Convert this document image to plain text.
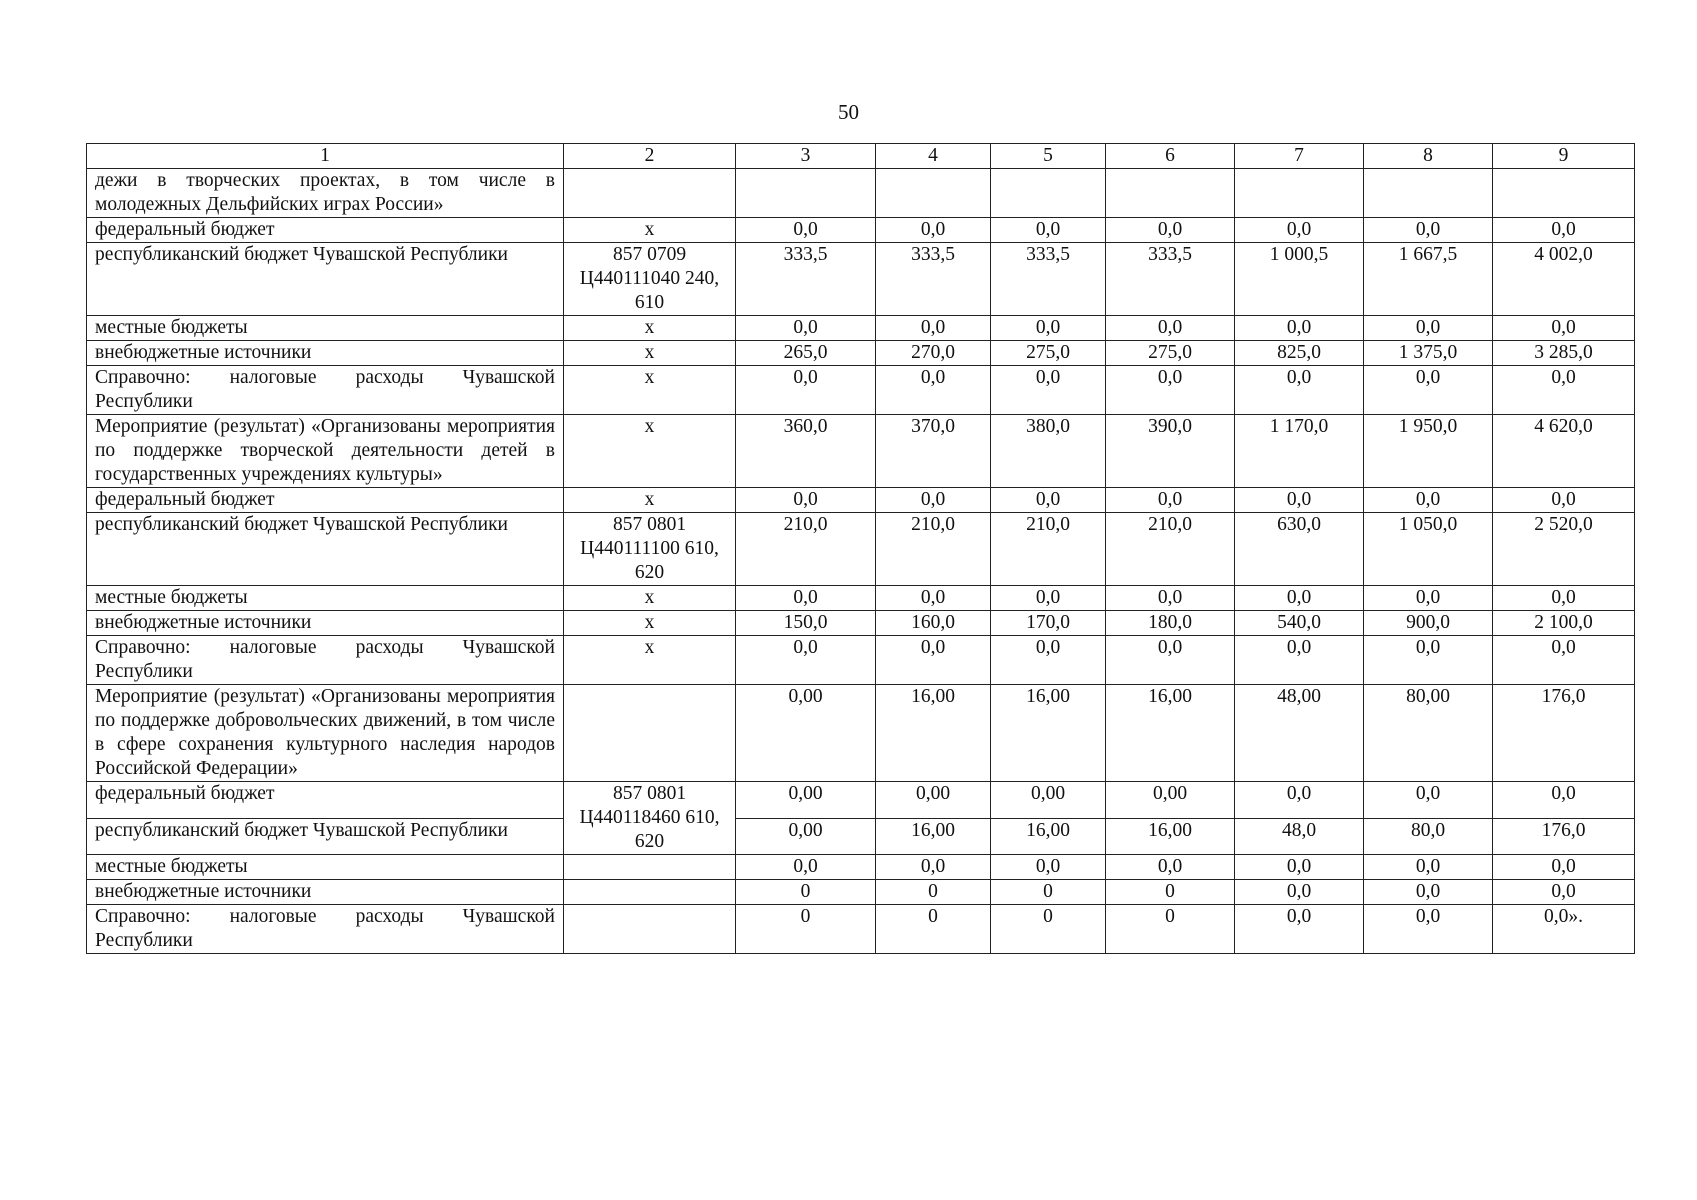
50
1	2	3	4	5	6	7	8	9
дежи в творческих проектах, в том числе в молодежных Дельфийских играх России»								
федеральный бюджет	х	0,0	0,0	0,0	0,0	0,0	0,0	0,0
республиканский бюджет Чувашской Республики	857 0709 Ц440111040 240, 610	333,5	333,5	333,5	333,5	1 000,5	1 667,5	4 002,0
местные бюджеты	х	0,0	0,0	0,0	0,0	0,0	0,0	0,0
внебюджетные источники	х	265,0	270,0	275,0	275,0	825,0	1 375,0	3 285,0
Справочно: налоговые расходы Чувашской Республики	х	0,0	0,0	0,0	0,0	0,0	0,0	0,0
Мероприятие (результат) «Организованы мероприятия по поддержке творческой деятельности детей в государственных учреждениях культуры»	х	360,0	370,0	380,0	390,0	1 170,0	1 950,0	4 620,0
федеральный бюджет	х	0,0	0,0	0,0	0,0	0,0	0,0	0,0
республиканский бюджет Чувашской Республики	857 0801 Ц440111100 610, 620	210,0	210,0	210,0	210,0	630,0	1 050,0	2 520,0
местные бюджеты	х	0,0	0,0	0,0	0,0	0,0	0,0	0,0
внебюджетные источники	х	150,0	160,0	170,0	180,0	540,0	900,0	2 100,0
Справочно: налоговые расходы Чувашской Республики	х	0,0	0,0	0,0	0,0	0,0	0,0	0,0
Мероприятие (результат) «Организованы мероприятия по поддержке добровольческих движений, в том числе в сфере сохранения культурного наследия народов Российской Федерации»		0,00	16,00	16,00	16,00	48,00	80,00	176,0
федеральный бюджет	857 0801 Ц440118460 610, 620	0,00	0,00	0,00	0,00	0,0	0,0	0,0
республиканский бюджет Чувашской Республики		0,00	16,00	16,00	16,00	48,0	80,0	176,0
местные бюджеты		0,0	0,0	0,0	0,0	0,0	0,0	0,0
внебюджетные источники		0	0	0	0	0,0	0,0	0,0
Справочно: налоговые расходы Чувашской Республики		0	0	0	0	0,0	0,0	0,0».
